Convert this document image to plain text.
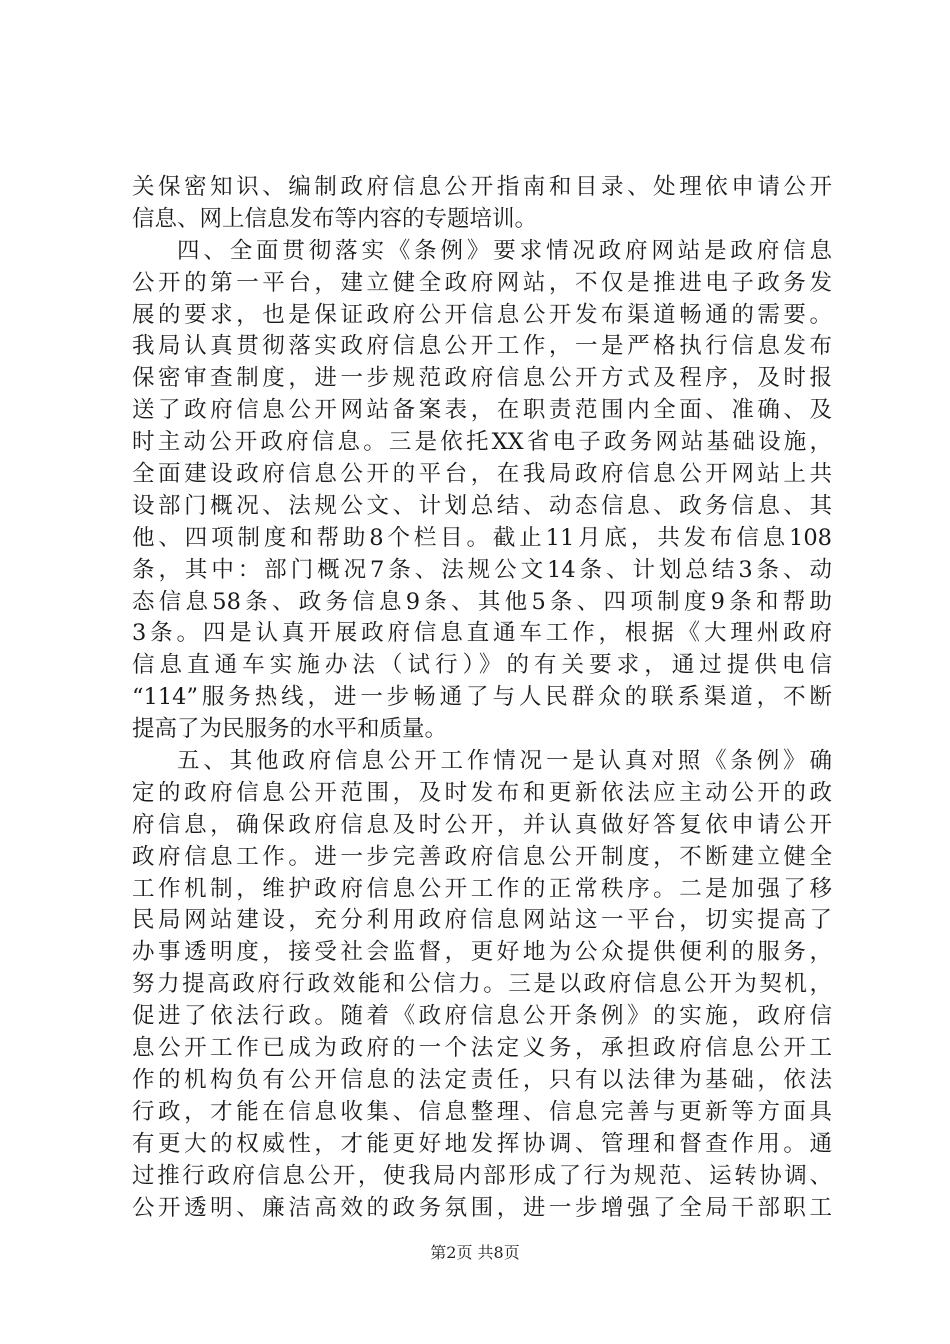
关保密知识、编制政府信息公开指南和目录、处理依申请公开
信息、网上信息发布等内容的专题培训。
四、全面贯彻落实《条例》要求情况政府网站是政府信息
公开的第一平台，建立健全政府网站，不仅是推进电子政务发
展的要求，也是保证政府公开信息公开发布渠道畅通的需要。
我局认真贯彻落实政府信息公开工作，一是严格执行信息发布
保密审查制度，进一步规范政府信息公开方式及程序，及时报
送了政府信息公开网站备案表，在职责范围内全面、准确、及
时主动公开政府信息。三是依托XX省电子政务网站基础设施，
全面建设政府信息公开的平台，在我局政府信息公开网站上共
设部门概况、法规公文、计划总结、动态信息、政务信息、其
他、四项制度和帮助8个栏目。截止11月底，共发布信息108
条，其中：部门概况7条、法规公文14条、计划总结3条、动
态信息58条、政务信息9条、其他5条、四项制度9条和帮助
3条。四是认真开展政府信息直通车工作，根据《大理州政府
信息直通车实施办法（试行）》的有关要求，通过提供电信
“114”服务热线，进一步畅通了与人民群众的联系渠道，不断
提高了为民服务的水平和质量。
五、其他政府信息公开工作情况一是认真对照《条例》确
定的政府信息公开范围，及时发布和更新依法应主动公开的政
府信息，确保政府信息及时公开，并认真做好答复依申请公开
政府信息工作。进一步完善政府信息公开制度，不断建立健全
工作机制，维护政府信息公开工作的正常秩序。二是加强了移
民局网站建设，充分利用政府信息网站这一平台，切实提高了
办事透明度，接受社会监督，更好地为公众提供便利的服务，
努力提高政府行政效能和公信力。三是以政府信息公开为契机，
促进了依法行政。随着《政府信息公开条例》的实施，政府信
息公开工作已成为政府的一个法定义务，承担政府信息公开工
作的机构负有公开信息的法定责任，只有以法律为基础，依法
行政，才能在信息收集、信息整理、信息完善与更新等方面具
有更大的权威性，才能更好地发挥协调、管理和督查作用。通
过推行政府信息公开，使我局内部形成了行为规范、运转协调、
公开透明、廉洁高效的政务氛围，进一步增强了全局干部职工
第2页 共8页
